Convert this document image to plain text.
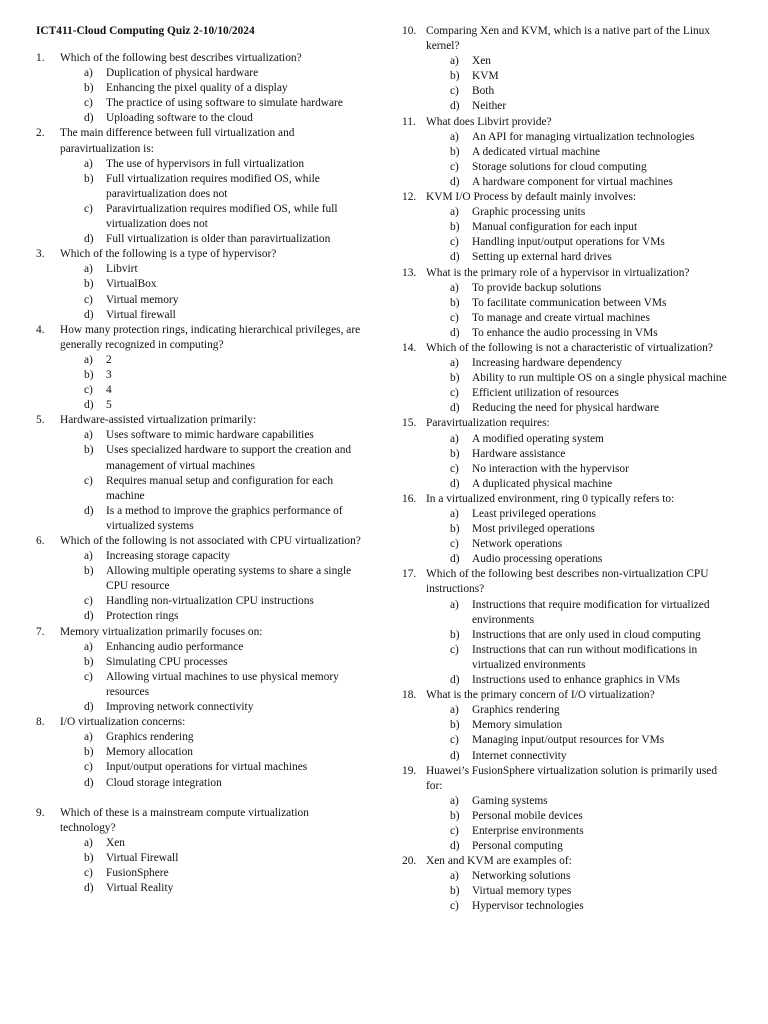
ICT411-Cloud Computing Quiz 2-10/10/2024
1. Which of the following best describes virtualization?
a) Duplication of physical hardware
b) Enhancing the pixel quality of a display
c) The practice of using software to simulate hardware
d) Uploading software to the cloud
2. The main difference between full virtualization and paravirtualization is:
a) The use of hypervisors in full virtualization
b) Full virtualization requires modified OS, while paravirtualization does not
c) Paravirtualization requires modified OS, while full virtualization does not
d) Full virtualization is older than paravirtualization
3. Which of the following is a type of hypervisor?
a) Libvirt
b) VirtualBox
c) Virtual memory
d) Virtual firewall
4. How many protection rings, indicating hierarchical privileges, are generally recognized in computing?
a) 2
b) 3
c) 4
d) 5
5. Hardware-assisted virtualization primarily:
a) Uses software to mimic hardware capabilities
b) Uses specialized hardware to support the creation and management of virtual machines
c) Requires manual setup and configuration for each machine
d) Is a method to improve the graphics performance of virtualized systems
6. Which of the following is not associated with CPU virtualization?
a) Increasing storage capacity
b) Allowing multiple operating systems to share a single CPU resource
c) Handling non-virtualization CPU instructions
d) Protection rings
7. Memory virtualization primarily focuses on:
a) Enhancing audio performance
b) Simulating CPU processes
c) Allowing virtual machines to use physical memory resources
d) Improving network connectivity
8. I/O virtualization concerns:
a) Graphics rendering
b) Memory allocation
c) Input/output operations for virtual machines
d) Cloud storage integration
9. Which of these is a mainstream compute virtualization technology?
a) Xen
b) Virtual Firewall
c) FusionSphere
d) Virtual Reality
10. Comparing Xen and KVM, which is a native part of the Linux kernel?
a) Xen
b) KVM
c) Both
d) Neither
11. What does Libvirt provide?
a) An API for managing virtualization technologies
b) A dedicated virtual machine
c) Storage solutions for cloud computing
d) A hardware component for virtual machines
12. KVM I/O Process by default mainly involves:
a) Graphic processing units
b) Manual configuration for each input
c) Handling input/output operations for VMs
d) Setting up external hard drives
13. What is the primary role of a hypervisor in virtualization?
a) To provide backup solutions
b) To facilitate communication between VMs
c) To manage and create virtual machines
d) To enhance the audio processing in VMs
14. Which of the following is not a characteristic of virtualization?
a) Increasing hardware dependency
b) Ability to run multiple OS on a single physical machine
c) Efficient utilization of resources
d) Reducing the need for physical hardware
15. Paravirtualization requires:
a) A modified operating system
b) Hardware assistance
c) No interaction with the hypervisor
d) A duplicated physical machine
16. In a virtualized environment, ring 0 typically refers to:
a) Least privileged operations
b) Most privileged operations
c) Network operations
d) Audio processing operations
17. Which of the following best describes non-virtualization CPU instructions?
a) Instructions that require modification for virtualized environments
b) Instructions that are only used in cloud computing
c) Instructions that can run without modifications in virtualized environments
d) Instructions used to enhance graphics in VMs
18. What is the primary concern of I/O virtualization?
a) Graphics rendering
b) Memory simulation
c) Managing input/output resources for VMs
d) Internet connectivity
19. Huawei’s FusionSphere virtualization solution is primarily used for:
a) Gaming systems
b) Personal mobile devices
c) Enterprise environments
d) Personal computing
20. Xen and KVM are examples of:
a) Networking solutions
b) Virtual memory types
c) Hypervisor technologies
